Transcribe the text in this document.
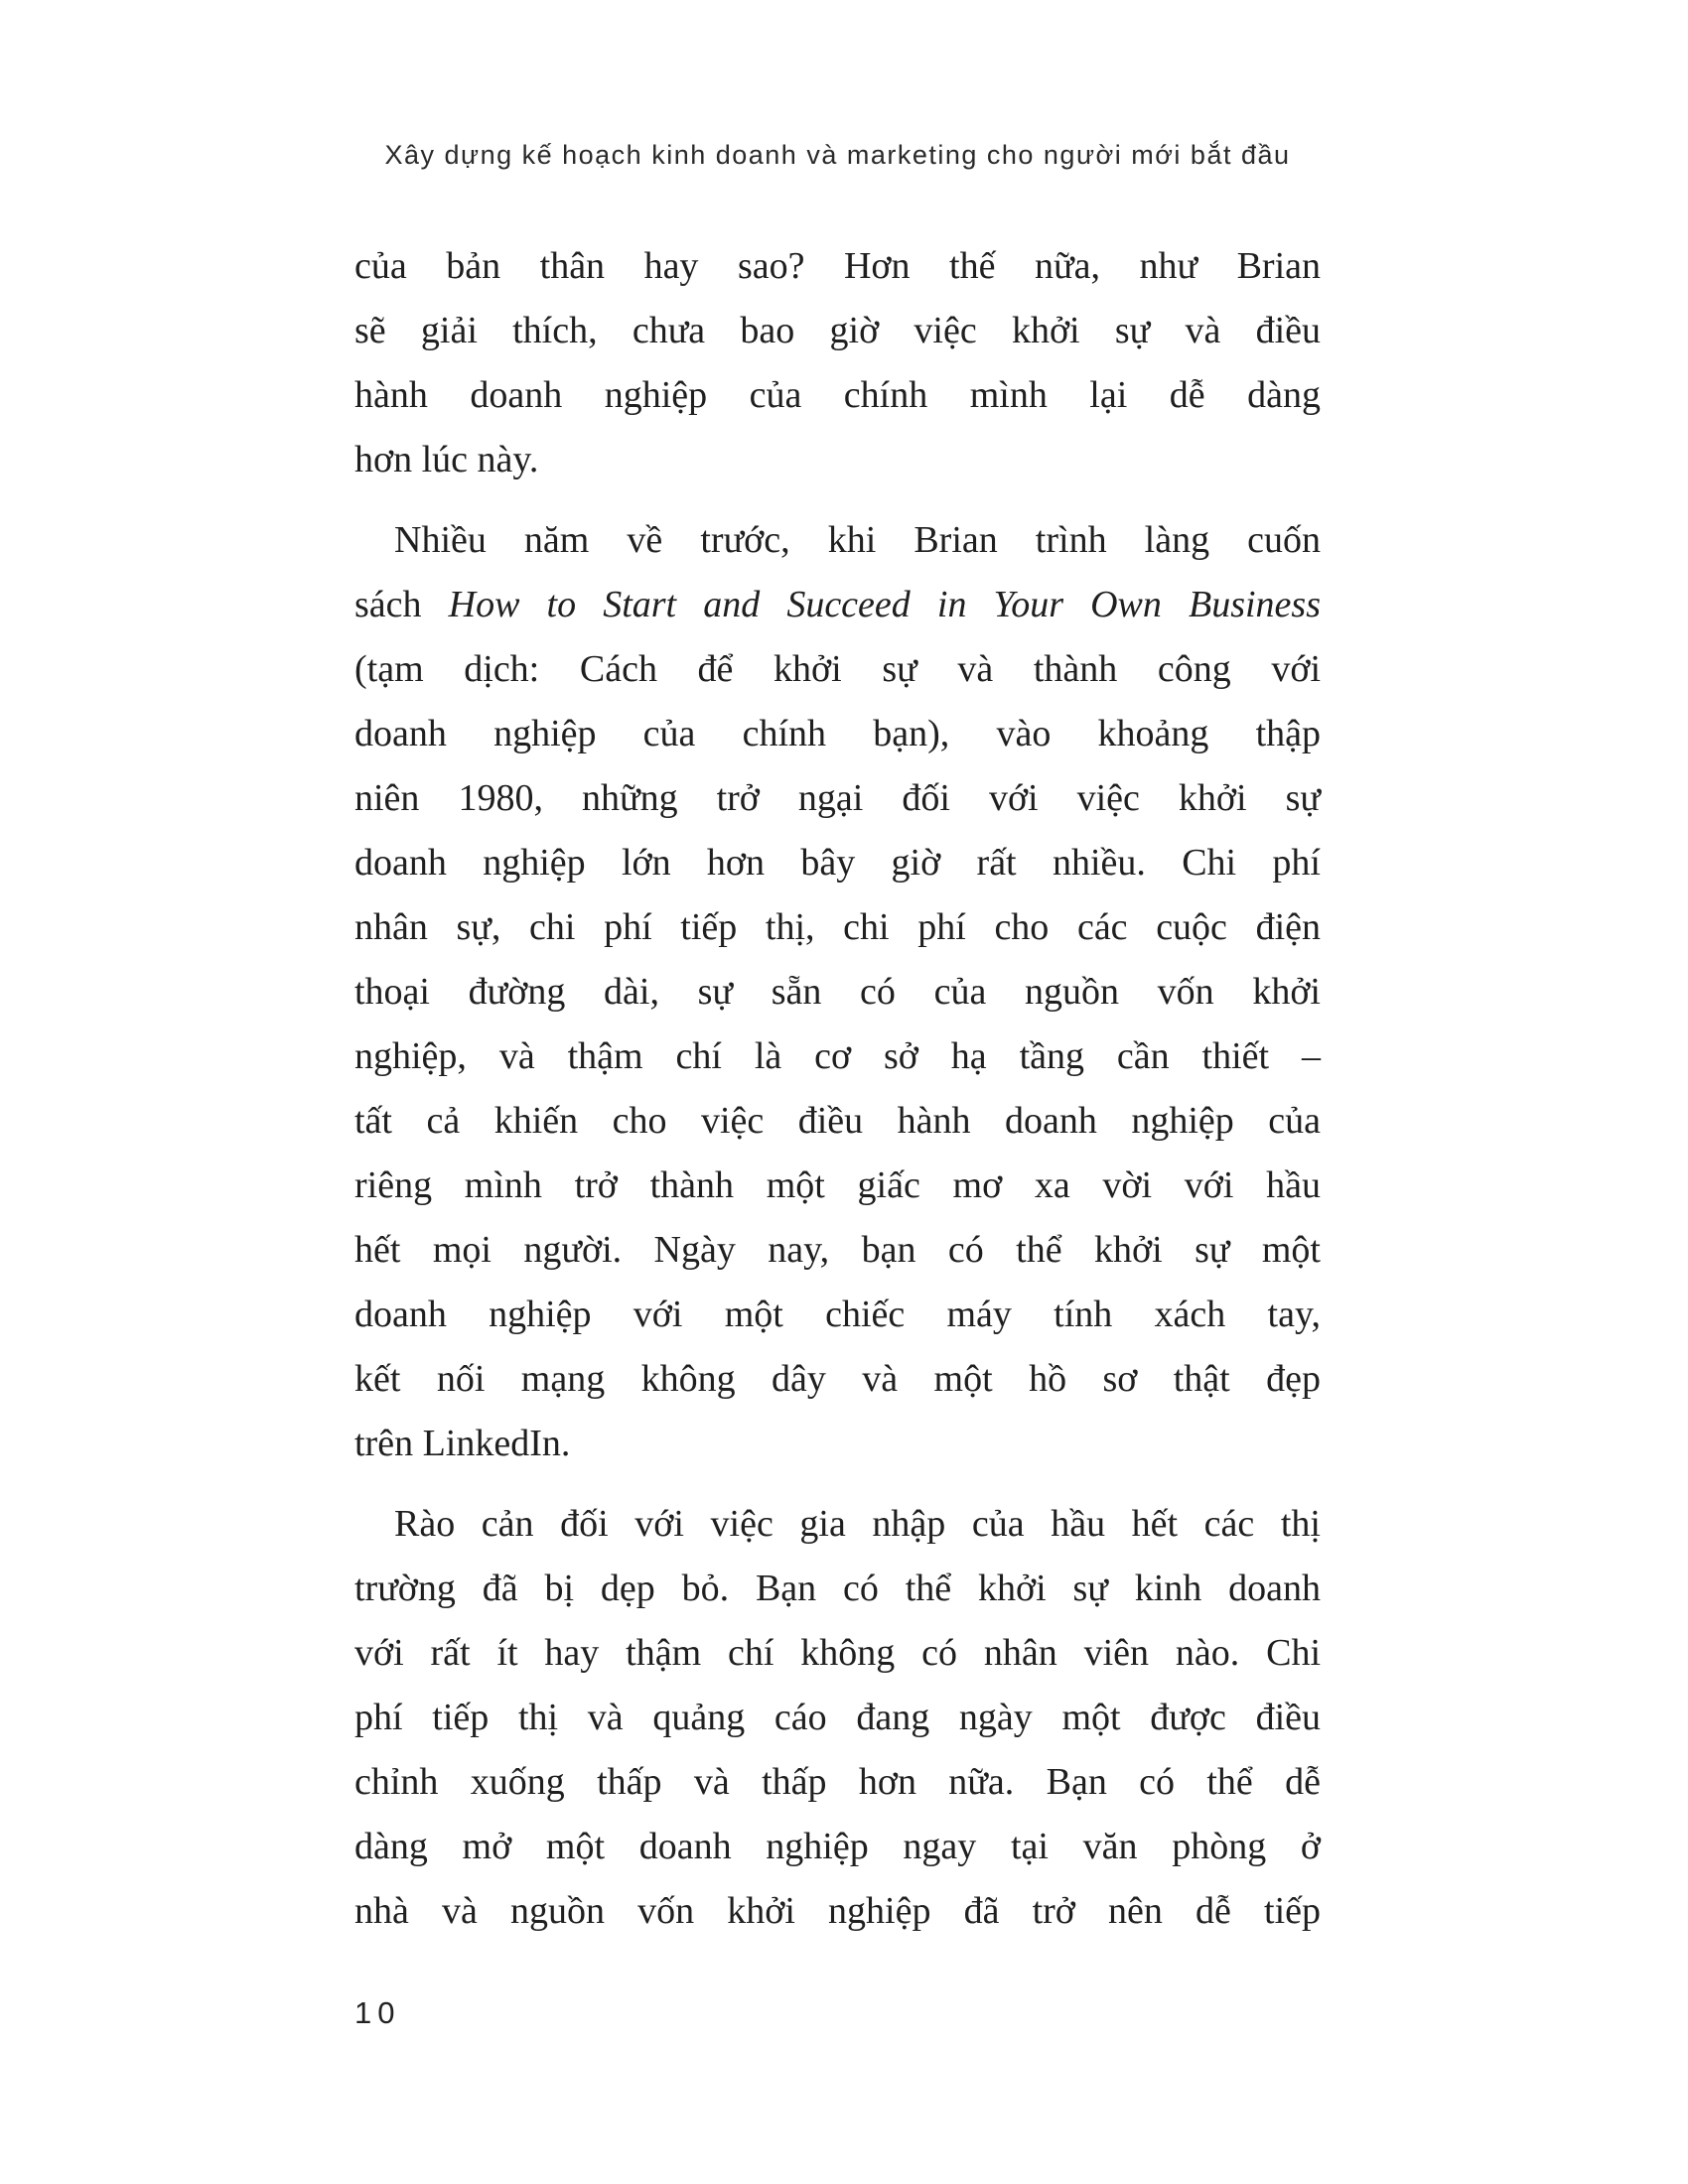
Xây dựng kế hoạch kinh doanh và marketing cho người mới bắt đầu
của bản thân hay sao? Hơn thế nữa, như Brian
sẽ giải thích, chưa bao giờ việc khởi sự và điều
hành doanh nghiệp của chính mình lại dễ dàng
hơn lúc này.
Nhiều năm về trước, khi Brian trình làng cuốn
sách How to Start and Succeed in Your Own Business
(tạm dịch: Cách để khởi sự và thành công với
doanh nghiệp của chính bạn), vào khoảng thập
niên 1980, những trở ngại đối với việc khởi sự
doanh nghiệp lớn hơn bây giờ rất nhiều. Chi phí
nhân sự, chi phí tiếp thị, chi phí cho các cuộc điện
thoại đường dài, sự sẵn có của nguồn vốn khởi
nghiệp, và thậm chí là cơ sở hạ tầng cần thiết –
tất cả khiến cho việc điều hành doanh nghiệp của
riêng mình trở thành một giấc mơ xa vời với hầu
hết mọi người. Ngày nay, bạn có thể khởi sự một
doanh nghiệp với một chiếc máy tính xách tay,
kết nối mạng không dây và một hồ sơ thật đẹp
trên LinkedIn.
Rào cản đối với việc gia nhập của hầu hết các thị
trường đã bị dẹp bỏ. Bạn có thể khởi sự kinh doanh
với rất ít hay thậm chí không có nhân viên nào. Chi
phí tiếp thị và quảng cáo đang ngày một được điều
chỉnh xuống thấp và thấp hơn nữa. Bạn có thể dễ
dàng mở một doanh nghiệp ngay tại văn phòng ở
nhà và nguồn vốn khởi nghiệp đã trở nên dễ tiếp
10
